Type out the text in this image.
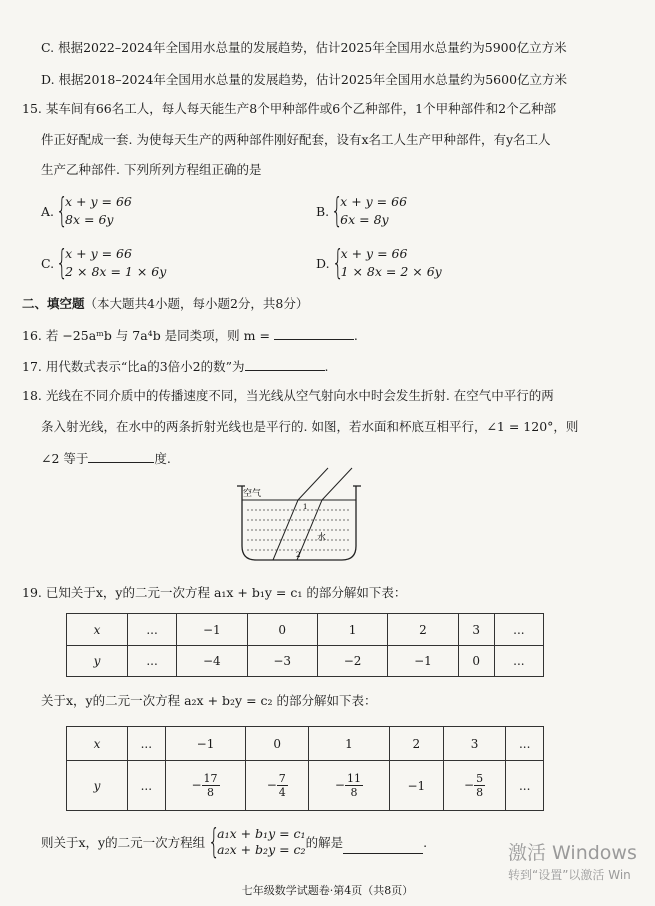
C. 根据2022–2024年全国用水总量的发展趋势，估计2025年全国用水总量约为5900亿立方米
D. 根据2018–2024年全国用水总量的发展趋势，估计2025年全国用水总量约为5600亿立方米
15. 某车间有66名工人，每人每天能生产8个甲种部件或6个乙种部件，1个甲种部件和2个乙种部
件正好配成一套. 为使每天生产的两种部件刚好配套，设有x名工人生产甲种部件，有y名工人
生产乙种部件. 下列所列方程组正确的是
A. {
x + y = 66
8x = 6y
B. {
x + y = 66
6x = 8y
C. {
x + y = 66
2 × 8x = 1 × 6y
D. {
x + y = 66
1 × 8x = 2 × 6y
二、填空题（本大题共4小题，每小题2分，共8分）
16. 若 −25aᵐb 与 7a⁴b 是同类项，则 m =	.
17. 用代数式表示“比a的3倍小2的数”为	.
18. 光线在不同介质中的传播速度不同，当光线从空气射向水中时会发生折射. 在空气中平行的两
条入射光线，在水中的两条折射光线也是平行的. 如图，若水面和杯底互相平行，∠1 = 120°，则
∠2 等于	度.
空气
水
1
2
19. 已知关于x，y的二元一次方程 a₁x + b₁y = c₁ 的部分解如下表：
x	...	−1	0	1	2	3	...
y	...	−4	−3	−2	−1	0	...
关于x，y的二元一次方程 a₂x + b₂y = c₂ 的部分解如下表：
x	...	−1	0	1	2	3	...
y	...	− $\frac{17}{8}$	− $\frac{7}{4}$	− $\frac{11}{8}$	−1	− $\frac{5}{8}$	...
则关于x，y的二元一次方程组 {
a₁x + b₁y = c₁
a₂x + b₂y = c₂ 的解是	.	激活 Windows
转到“设置”以激活 Win
七年级数学试题卷·第4页（共8页）
